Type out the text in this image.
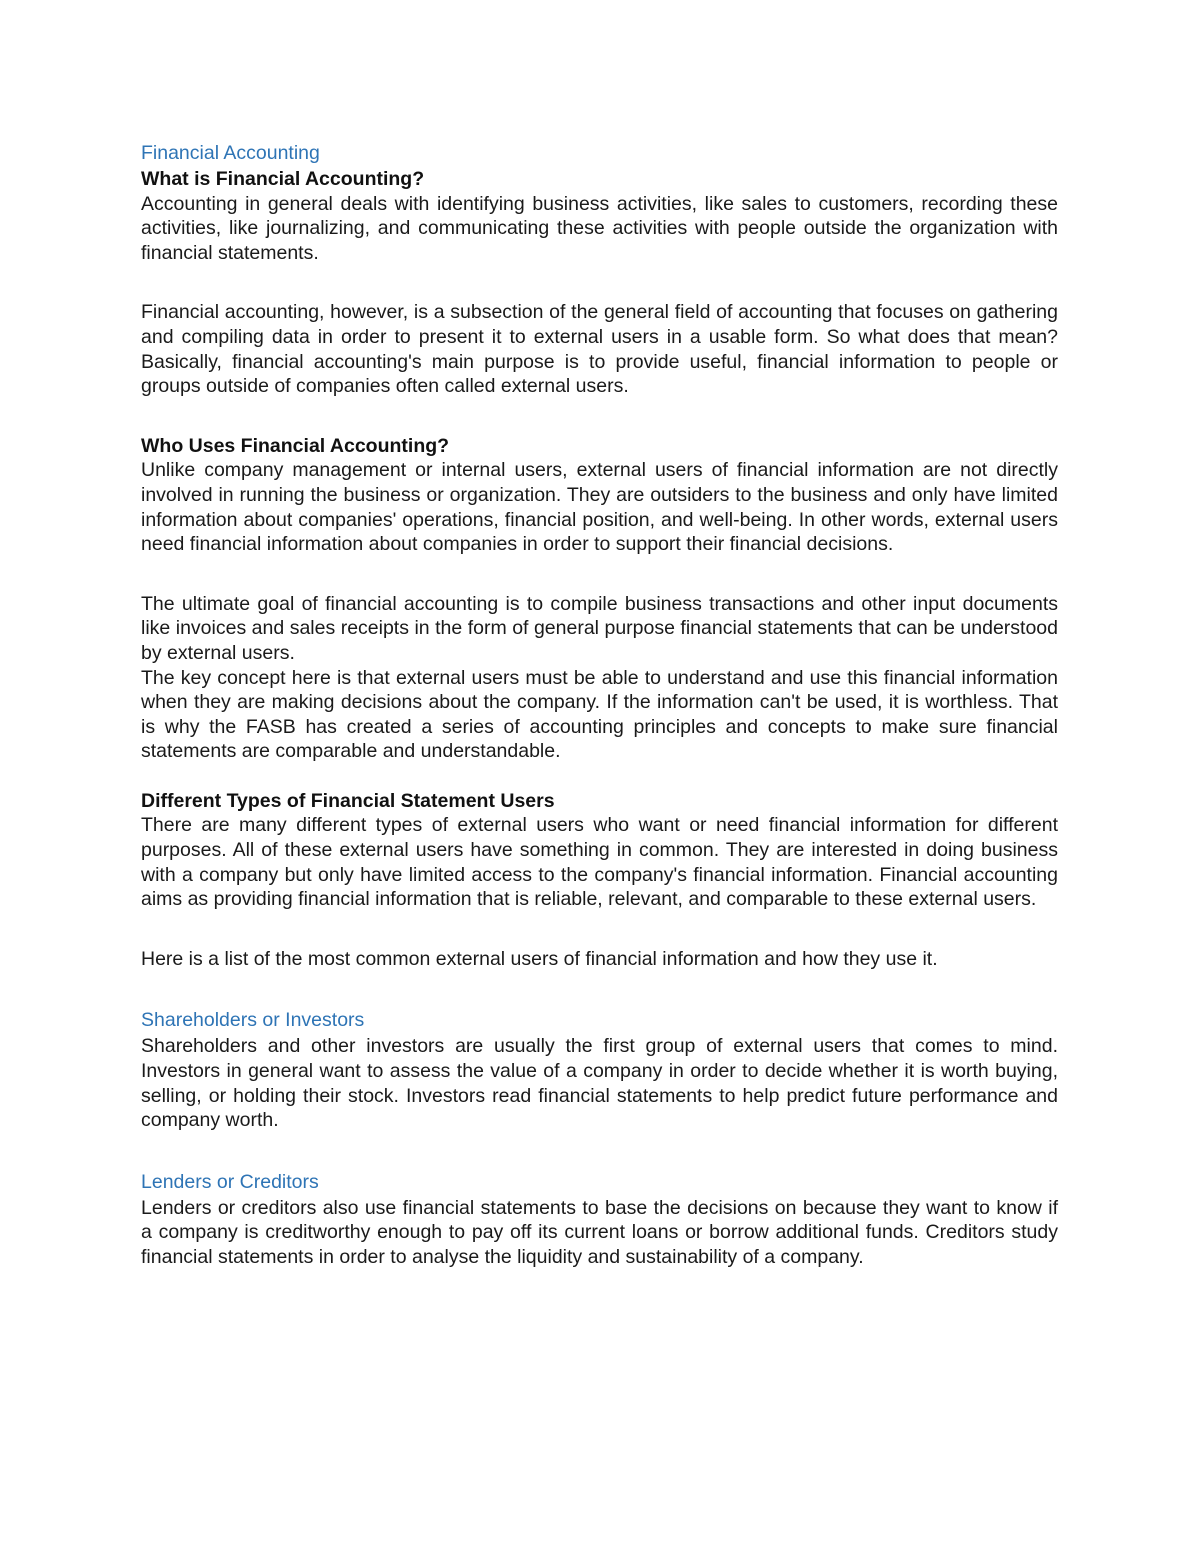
Financial Accounting
What is Financial Accounting?

Accounting in general deals with identifying business activities, like sales to customers, recording these activities, like journalizing, and communicating these activities with people outside the organization with financial statements.

Financial accounting, however, is a subsection of the general field of accounting that focuses on gathering and compiling data in order to present it to external users in a usable form. So what does that mean? Basically, financial accounting's main purpose is to provide useful, financial information to people or groups outside of companies often called external users.

Who Uses Financial Accounting?

Unlike company management or internal users, external users of financial information are not directly involved in running the business or organization. They are outsiders to the business and only have limited information about companies' operations, financial position, and well-being. In other words, external users need financial information about companies in order to support their financial decisions.

The ultimate goal of financial accounting is to compile business transactions and other input documents like invoices and sales receipts in the form of general purpose financial statements that can be understood by external users.

The key concept here is that external users must be able to understand and use this financial information when they are making decisions about the company. If the information can't be used, it is worthless. That is why the FASB has created a series of accounting principles and concepts to make sure financial statements are comparable and understandable.

Different Types of Financial Statement Users

There are many different types of external users who want or need financial information for different purposes. All of these external users have something in common. They are interested in doing business with a company but only have limited access to the company's financial information. Financial accounting aims as providing financial information that is reliable, relevant, and comparable to these external users.

Here is a list of the most common external users of financial information and how they use it.

Shareholders or Investors

Shareholders and other investors are usually the first group of external users that comes to mind. Investors in general want to assess the value of a company in order to decide whether it is worth buying, selling, or holding their stock. Investors read financial statements to help predict future performance and company worth.

Lenders or Creditors

Lenders or creditors also use financial statements to base the decisions on because they want to know if a company is creditworthy enough to pay off its current loans or borrow additional funds. Creditors study financial statements in order to analyse the liquidity and sustainability of a company.
